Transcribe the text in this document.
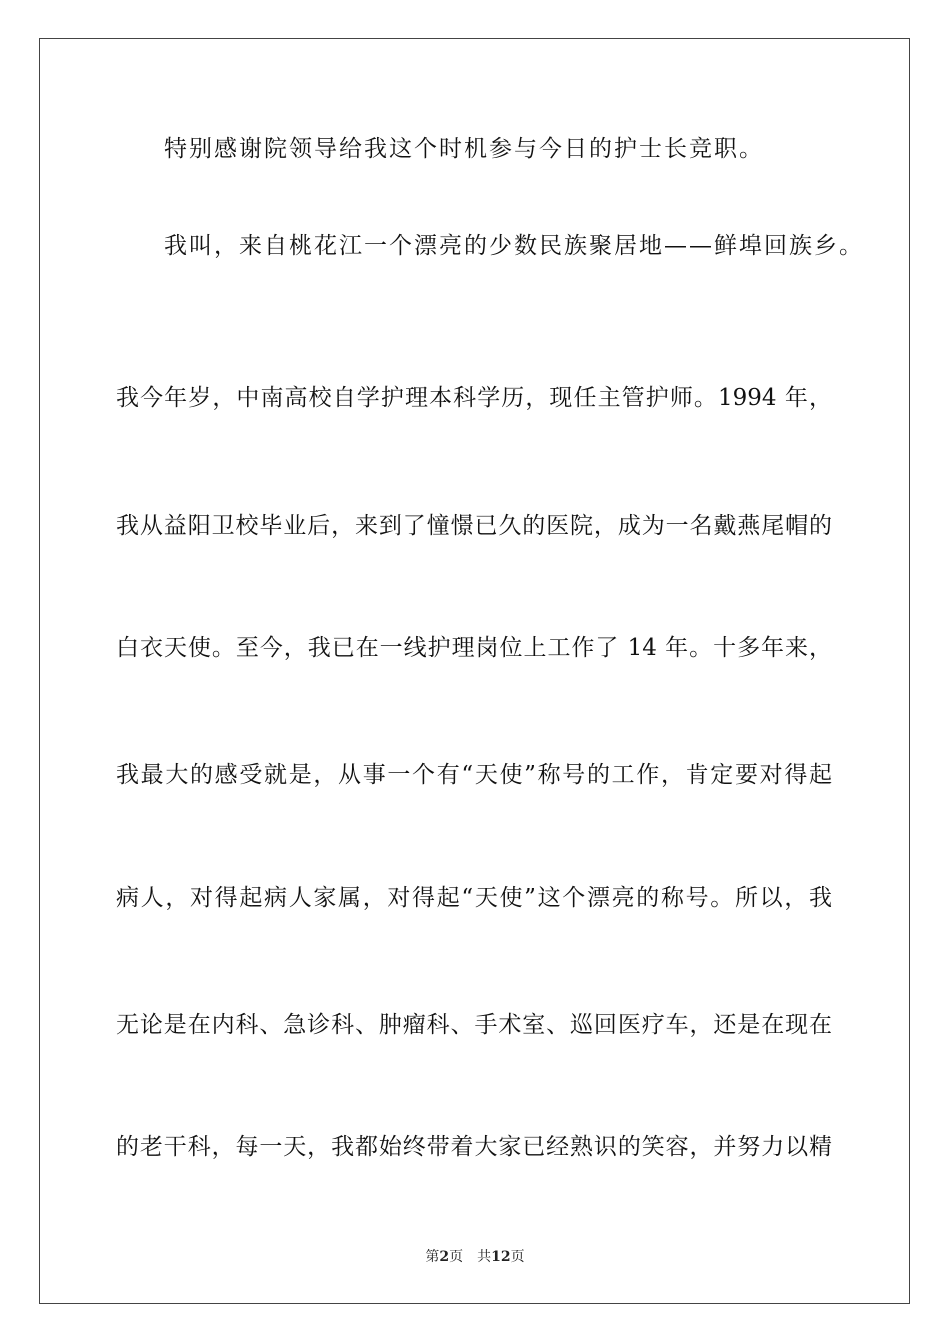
特别感谢院领导给我这个时机参与今日的护士长竞职。
我叫，来自桃花江一个漂亮的少数民族聚居地——鲜埠回族乡。
我今年岁，中南高校自学护理本科学历，现任主管护师。1994 年，
我从益阳卫校毕业后，来到了憧憬已久的医院，成为一名戴燕尾帽的
白衣天使。至今，我已在一线护理岗位上工作了 14 年。十多年来，
我最大的感受就是，从事一个有“天使”称号的工作，肯定要对得起
病人，对得起病人家属，对得起“天使”这个漂亮的称号。所以，我
无论是在内科、急诊科、肿瘤科、手术室、巡回医疗车，还是在现在
的老干科，每一天，我都始终带着大家已经熟识的笑容，并努力以精
第2页 共12页
